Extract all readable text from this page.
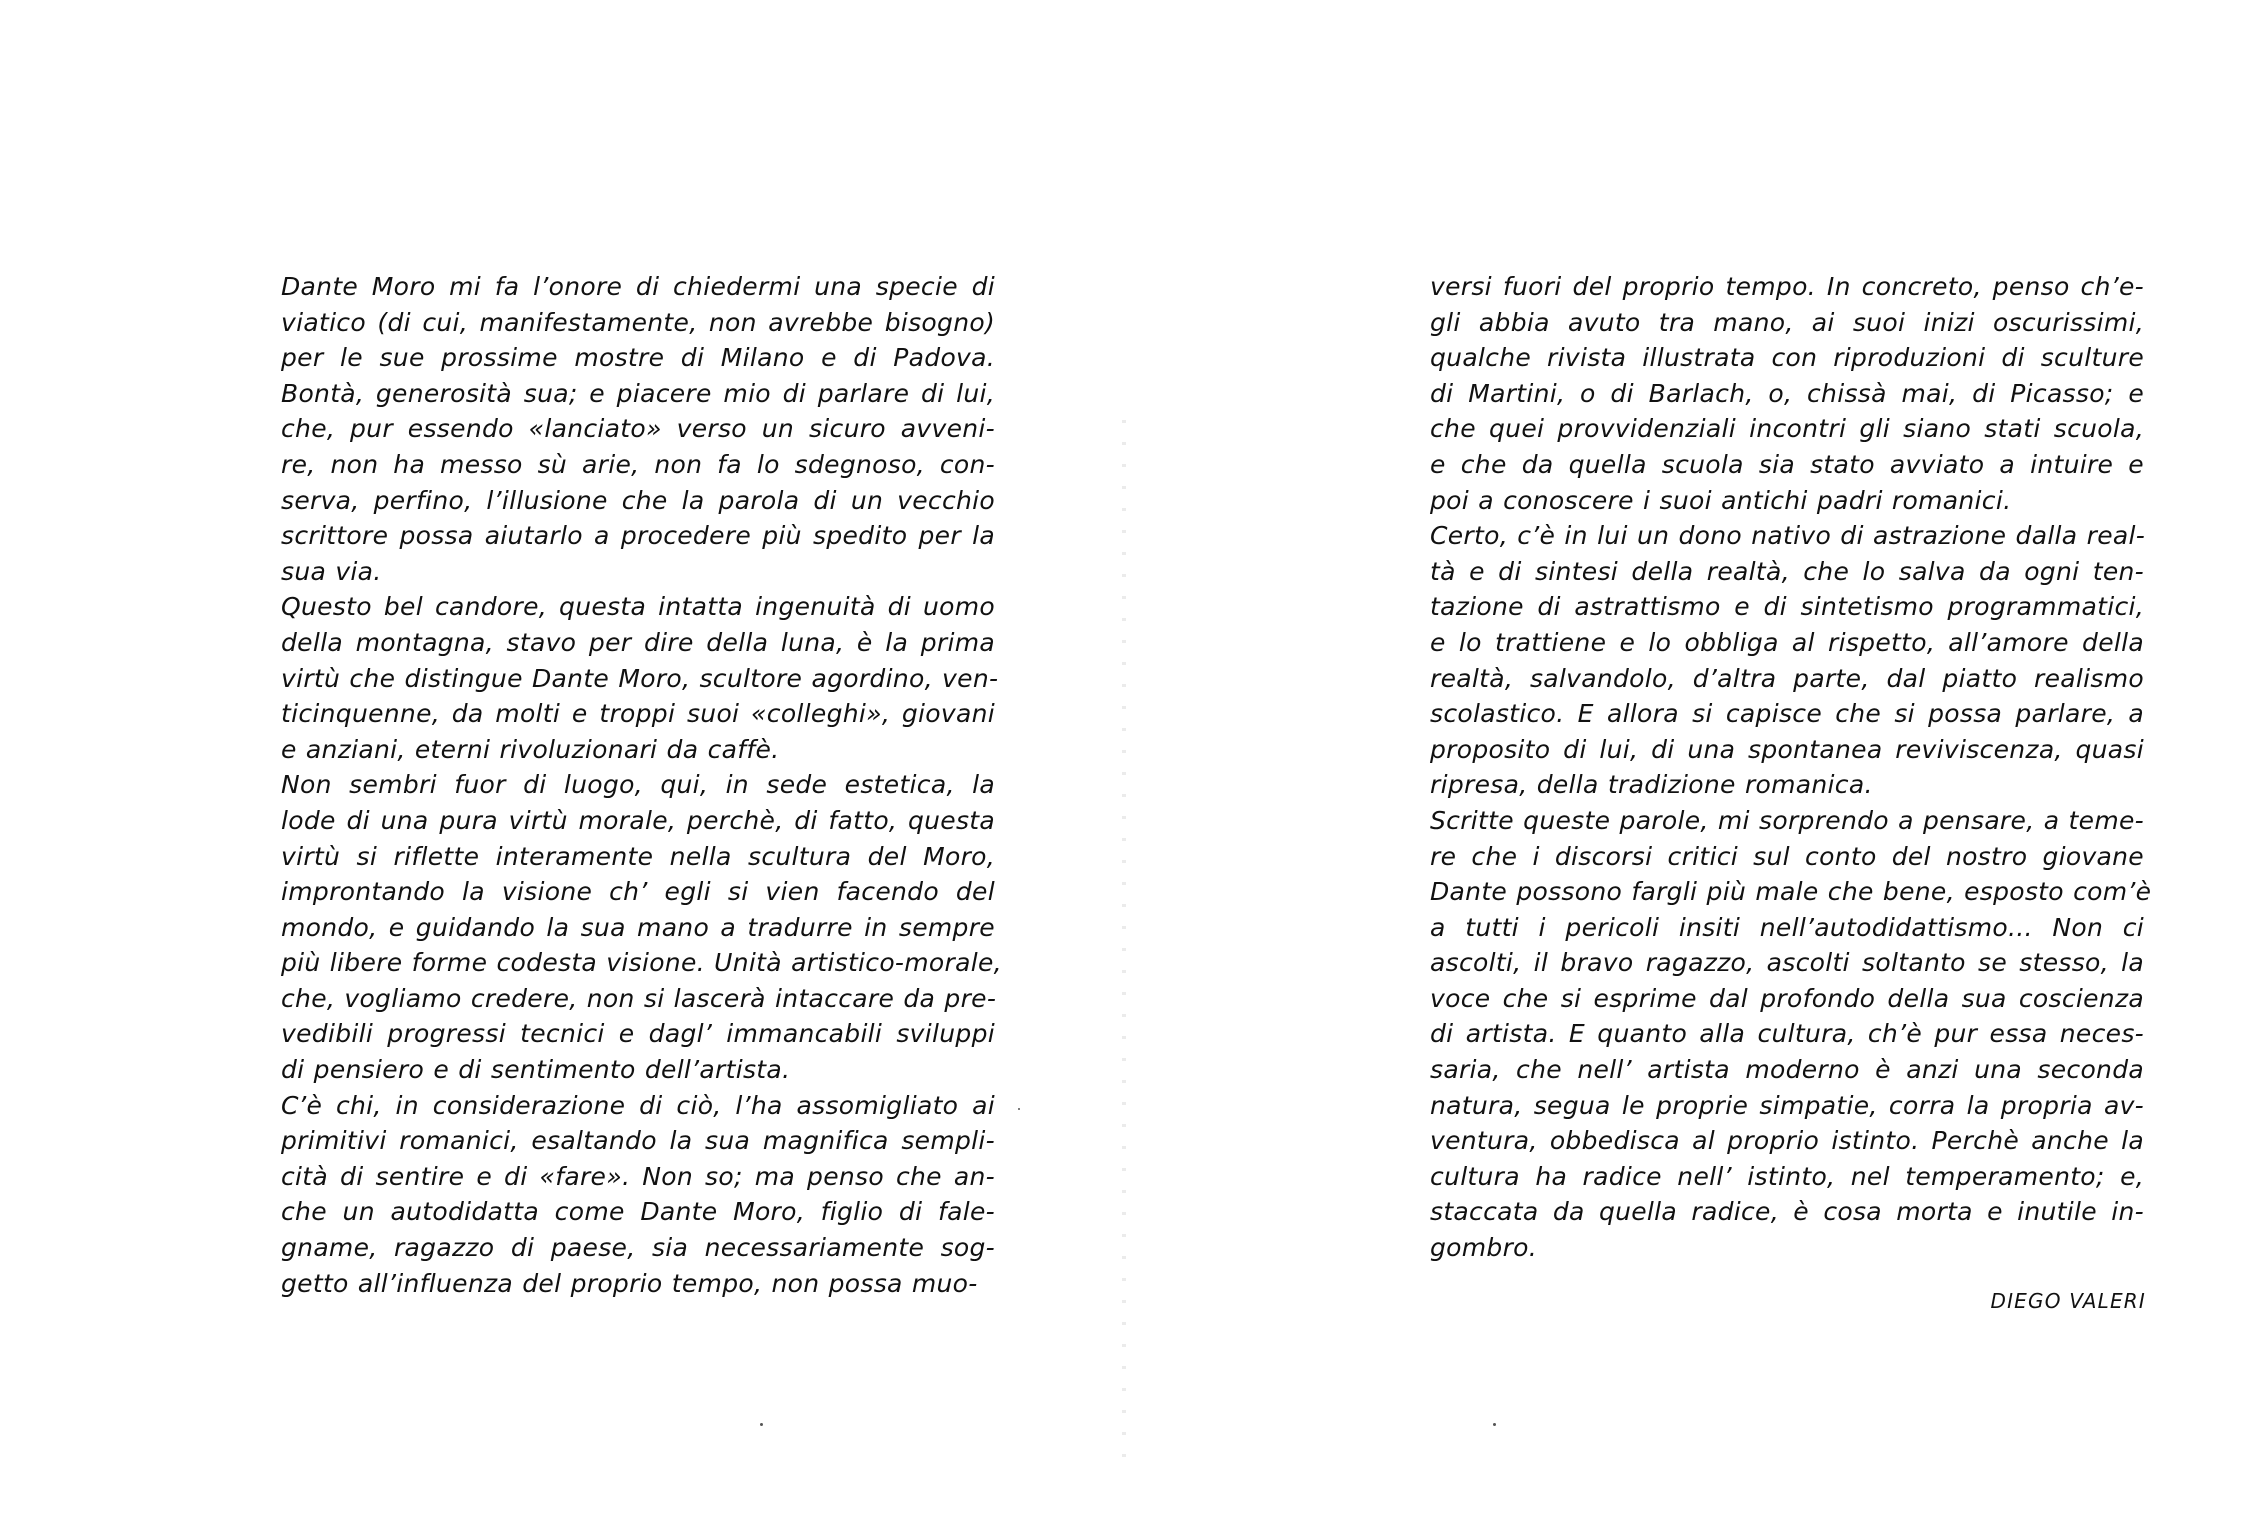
Dante Moro mi fa l’onore di chiedermi una specie di
viatico (di cui, manifestamente, non avrebbe bisogno)
per le sue prossime mostre di Milano e di Padova.
Bontà, generosità sua; e piacere mio di parlare di lui,
che, pur essendo «lanciato» verso un sicuro avveni-
re, non ha messo sù arie, non fa lo sdegnoso, con-
serva, perfino, l’illusione che la parola di un vecchio
scrittore possa aiutarlo a procedere più spedito per la
sua via.
Questo bel candore, questa intatta ingenuità di uomo
della montagna, stavo per dire della luna, è la prima
virtù che distingue Dante Moro, scultore agordino, ven-
ticinquenne, da molti e troppi suoi «colleghi», giovani
e anziani, eterni rivoluzionari da caffè.
Non sembri fuor di luogo, qui, in sede estetica, la
lode di una pura virtù morale, perchè, di fatto, questa
virtù si riflette interamente nella scultura del Moro,
improntando la visione ch’ egli si vien facendo del
mondo, e guidando la sua mano a tradurre in sempre
più libere forme codesta visione. Unità artistico-morale,
che, vogliamo credere, non si lascerà intaccare da pre-
vedibili progressi tecnici e dagl’ immancabili sviluppi
di pensiero e di sentimento dell’artista.
C’è chi, in considerazione di ciò, l’ha assomigliato ai
primitivi romanici, esaltando la sua magnifica sempli-
cità di sentire e di «fare». Non so; ma penso che an-
che un autodidatta come Dante Moro, figlio di fale-
gname, ragazzo di paese, sia necessariamente sog-
getto all’influenza del proprio tempo, non possa muo-
versi fuori del proprio tempo. In concreto, penso ch’e-
gli abbia avuto tra mano, ai suoi inizi oscurissimi,
qualche rivista illustrata con riproduzioni di sculture
di Martini, o di Barlach, o, chissà mai, di Picasso; e
che quei provvidenziali incontri gli siano stati scuola,
e che da quella scuola sia stato avviato a intuire e
poi a conoscere i suoi antichi padri romanici.
Certo, c’è in lui un dono nativo di astrazione dalla real-
tà e di sintesi della realtà, che lo salva da ogni ten-
tazione di astrattismo e di sintetismo programmatici,
e lo trattiene e lo obbliga al rispetto, all’amore della
realtà, salvandolo, d’altra parte, dal piatto realismo
scolastico. E allora si capisce che si possa parlare, a
proposito di lui, di una spontanea reviviscenza, quasi
ripresa, della tradizione romanica.
Scritte queste parole, mi sorprendo a pensare, a teme-
re che i discorsi critici sul conto del nostro giovane
Dante possono fargli più male che bene, esposto com’è
a tutti i pericoli insiti nell’autodidattismo... Non ci
ascolti, il bravo ragazzo, ascolti soltanto se stesso, la
voce che si esprime dal profondo della sua coscienza
di artista. E quanto alla cultura, ch’è pur essa neces-
saria, che nell’ artista moderno è anzi una seconda
natura, segua le proprie simpatie, corra la propria av-
ventura, obbedisca al proprio istinto. Perchè anche la
cultura ha radice nell’ istinto, nel temperamento; e,
staccata da quella radice, è cosa morta e inutile in-
gombro.
DIEGO VALERI
